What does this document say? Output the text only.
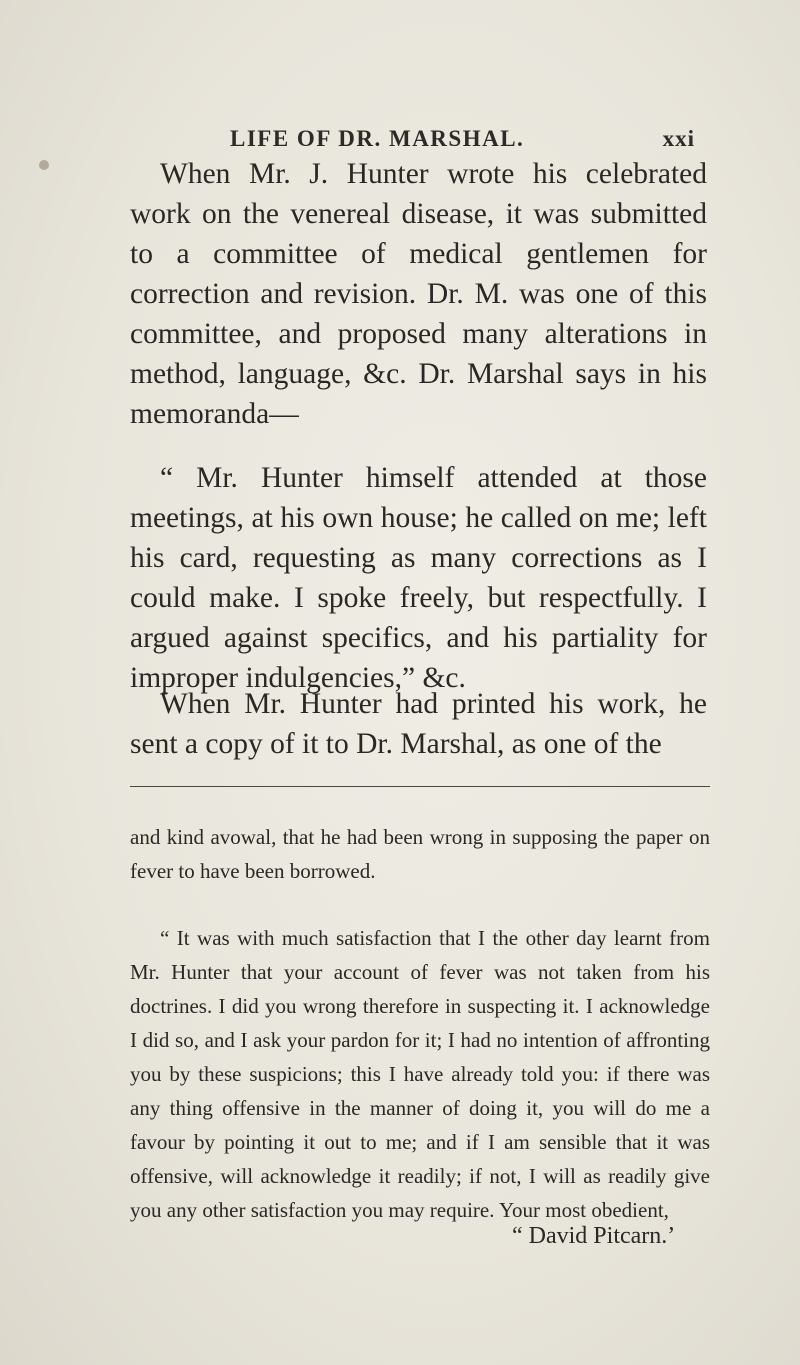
LIFE OF DR. MARSHAL.	xxi

When Mr. J. Hunter wrote his celebrated work on the venereal disease, it was submitted to a committee of medical gentlemen for correction and revision. Dr. M. was one of this committee, and proposed many alterations in method, language, &c. Dr. Marshal says in his memoranda—

“ Mr. Hunter himself attended at those meetings, at his own house; he called on me; left his card, requesting as many corrections as I could make. I spoke freely, but respectfully. I argued against specifics, and his partiality for improper indulgencies,” &c.

When Mr. Hunter had printed his work, he sent a copy of it to Dr. Marshal, as one of the

and kind avowal, that he had been wrong in supposing the paper on fever to have been borrowed.

“ It was with much satisfaction that I the other day learnt from Mr. Hunter that your account of fever was not taken from his doctrines. I did you wrong therefore in suspecting it. I acknowledge I did so, and I ask your pardon for it; I had no intention of affronting you by these suspicions; this I have already told you: if there was any thing offensive in the manner of doing it, you will do me a favour by pointing it out to me; and if I am sensible that it was offensive, will acknowledge it readily; if not, I will as readily give you any other satisfaction you may require. Your most obedient,

“ David Pitcarn.’
